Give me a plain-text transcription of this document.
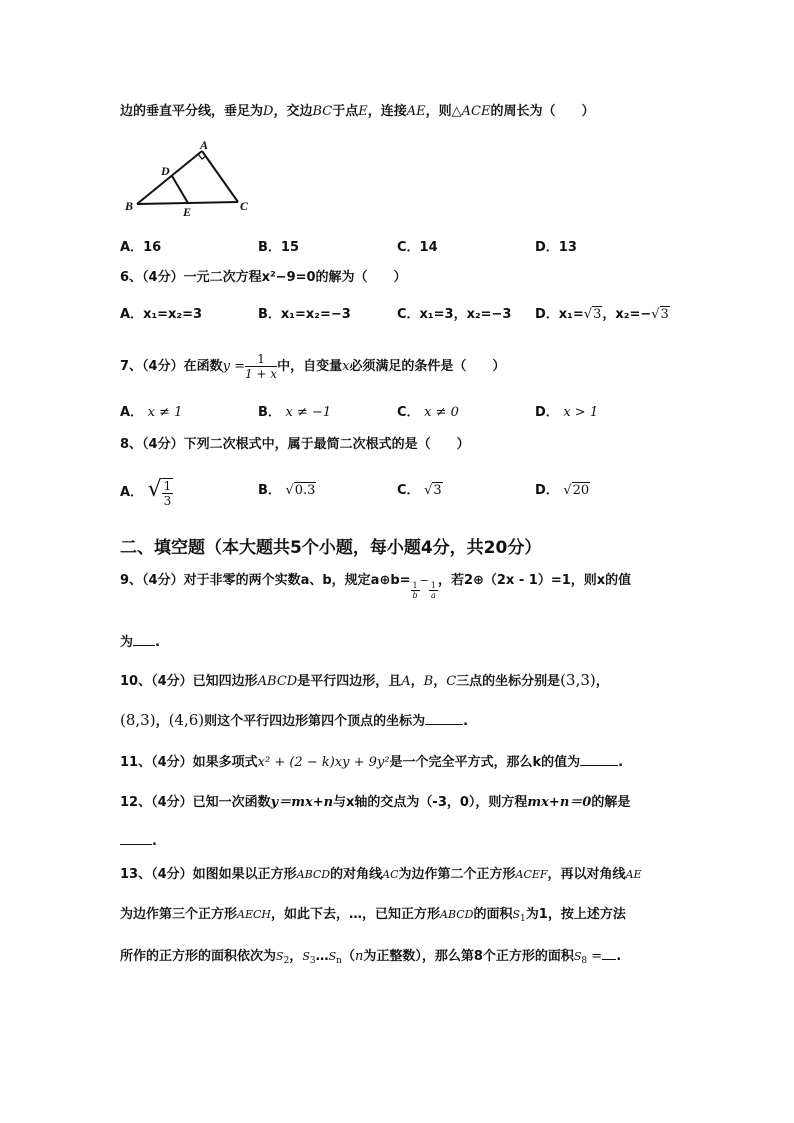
边的垂直平分线，垂足为D，交边BC于点E，连接AE，则△ACE的周长为（　　）
A
B	C
D
E
A．16	B．15	C．14	D．13
6、（4分）一元二次方程x²−9=0的解为（　　）
A．x₁=x₂=3	B．x₁=x₂=−3	C．x₁=3，x₂=−3 D．x₁=√3，x₂=−√3
7、（4分）在函数$y = \frac{1}{1 + x}$ 中，自变量x必须满足的条件是（　　）
A． x ≠ 1	B． x ≠ −1	C． x ≠ 0	D． x > 1
8、（4分）下列二次根式中，属于最简二次根式的是（　　）
A． √ $\frac{1}{3}$	B． √0.3	C． √3	D． √20
二、填空题（本大题共5个小题，每小题4分，共20分）
9、（4分）对于非零的两个实数a、b，规定a⊕b=
$\frac{1}{b}$
−
$\frac{1}{a}$
，若2⊕（2x - 1）=1，则x的值
为 .
10、（4分）已知四边形ABCD是平行四边形，且A，B，C三点的坐标分别是(3,3)，
(8,3)，(4,6)则这个平行四边形第四个顶点的坐标为	.
11、（4分）如果多项式x² + (2 − k)xy + 9y²是一个完全平方式，那么k的值为	.
12、（4分）已知一次函数y＝mx+n与x轴的交点为（-3，0），则方程mx+n＝0的解是
.
13、（4分）如图如果以正方形ABCD的对角线AC为边作第二个正方形ACEF，再以对角线AE
为边作第三个正方形AECH，如此下去，…，已知正方形ABCD的面积$S_1$为1，按上述方法
所作的正方形的面积依次为$S_2$，$S_3\dots S_n(n$为正整数），那么第8个正方形的面积$S_8$ = .
